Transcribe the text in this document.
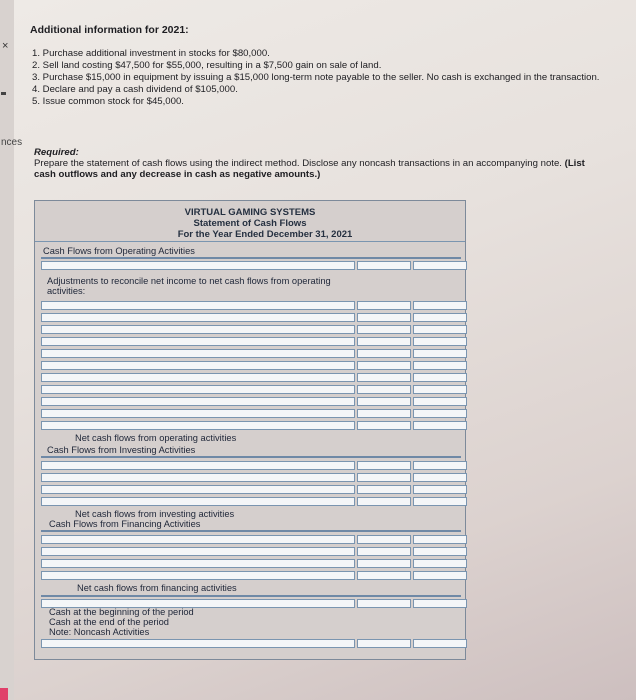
×
nces
Additional information for 2021:
1. Purchase additional investment in stocks for $80,000.
2. Sell land costing $47,500 for $55,000, resulting in a $7,500 gain on sale of land.
3. Purchase $15,000 in equipment by issuing a $15,000 long-term note payable to the seller. No cash is exchanged in the transaction.
4. Declare and pay a cash dividend of $105,000.
5. Issue common stock for $45,000.
Required:
Prepare the statement of cash flows using the indirect method. Disclose any noncash transactions in an accompanying note. (List cash outflows and any decrease in cash as negative amounts.)
VIRTUAL GAMING SYSTEMS
Statement of Cash Flows
For the Year Ended December 31, 2021
Cash Flows from Operating Activities
Adjustments to reconcile net income to net cash flows from operating activities:
Net cash flows from operating activities
Cash Flows from Investing Activities
Net cash flows from investing activities
Cash Flows from Financing Activities
Net cash flows from financing activities
Cash at the beginning of the period
Cash at the end of the period
Note: Noncash Activities
